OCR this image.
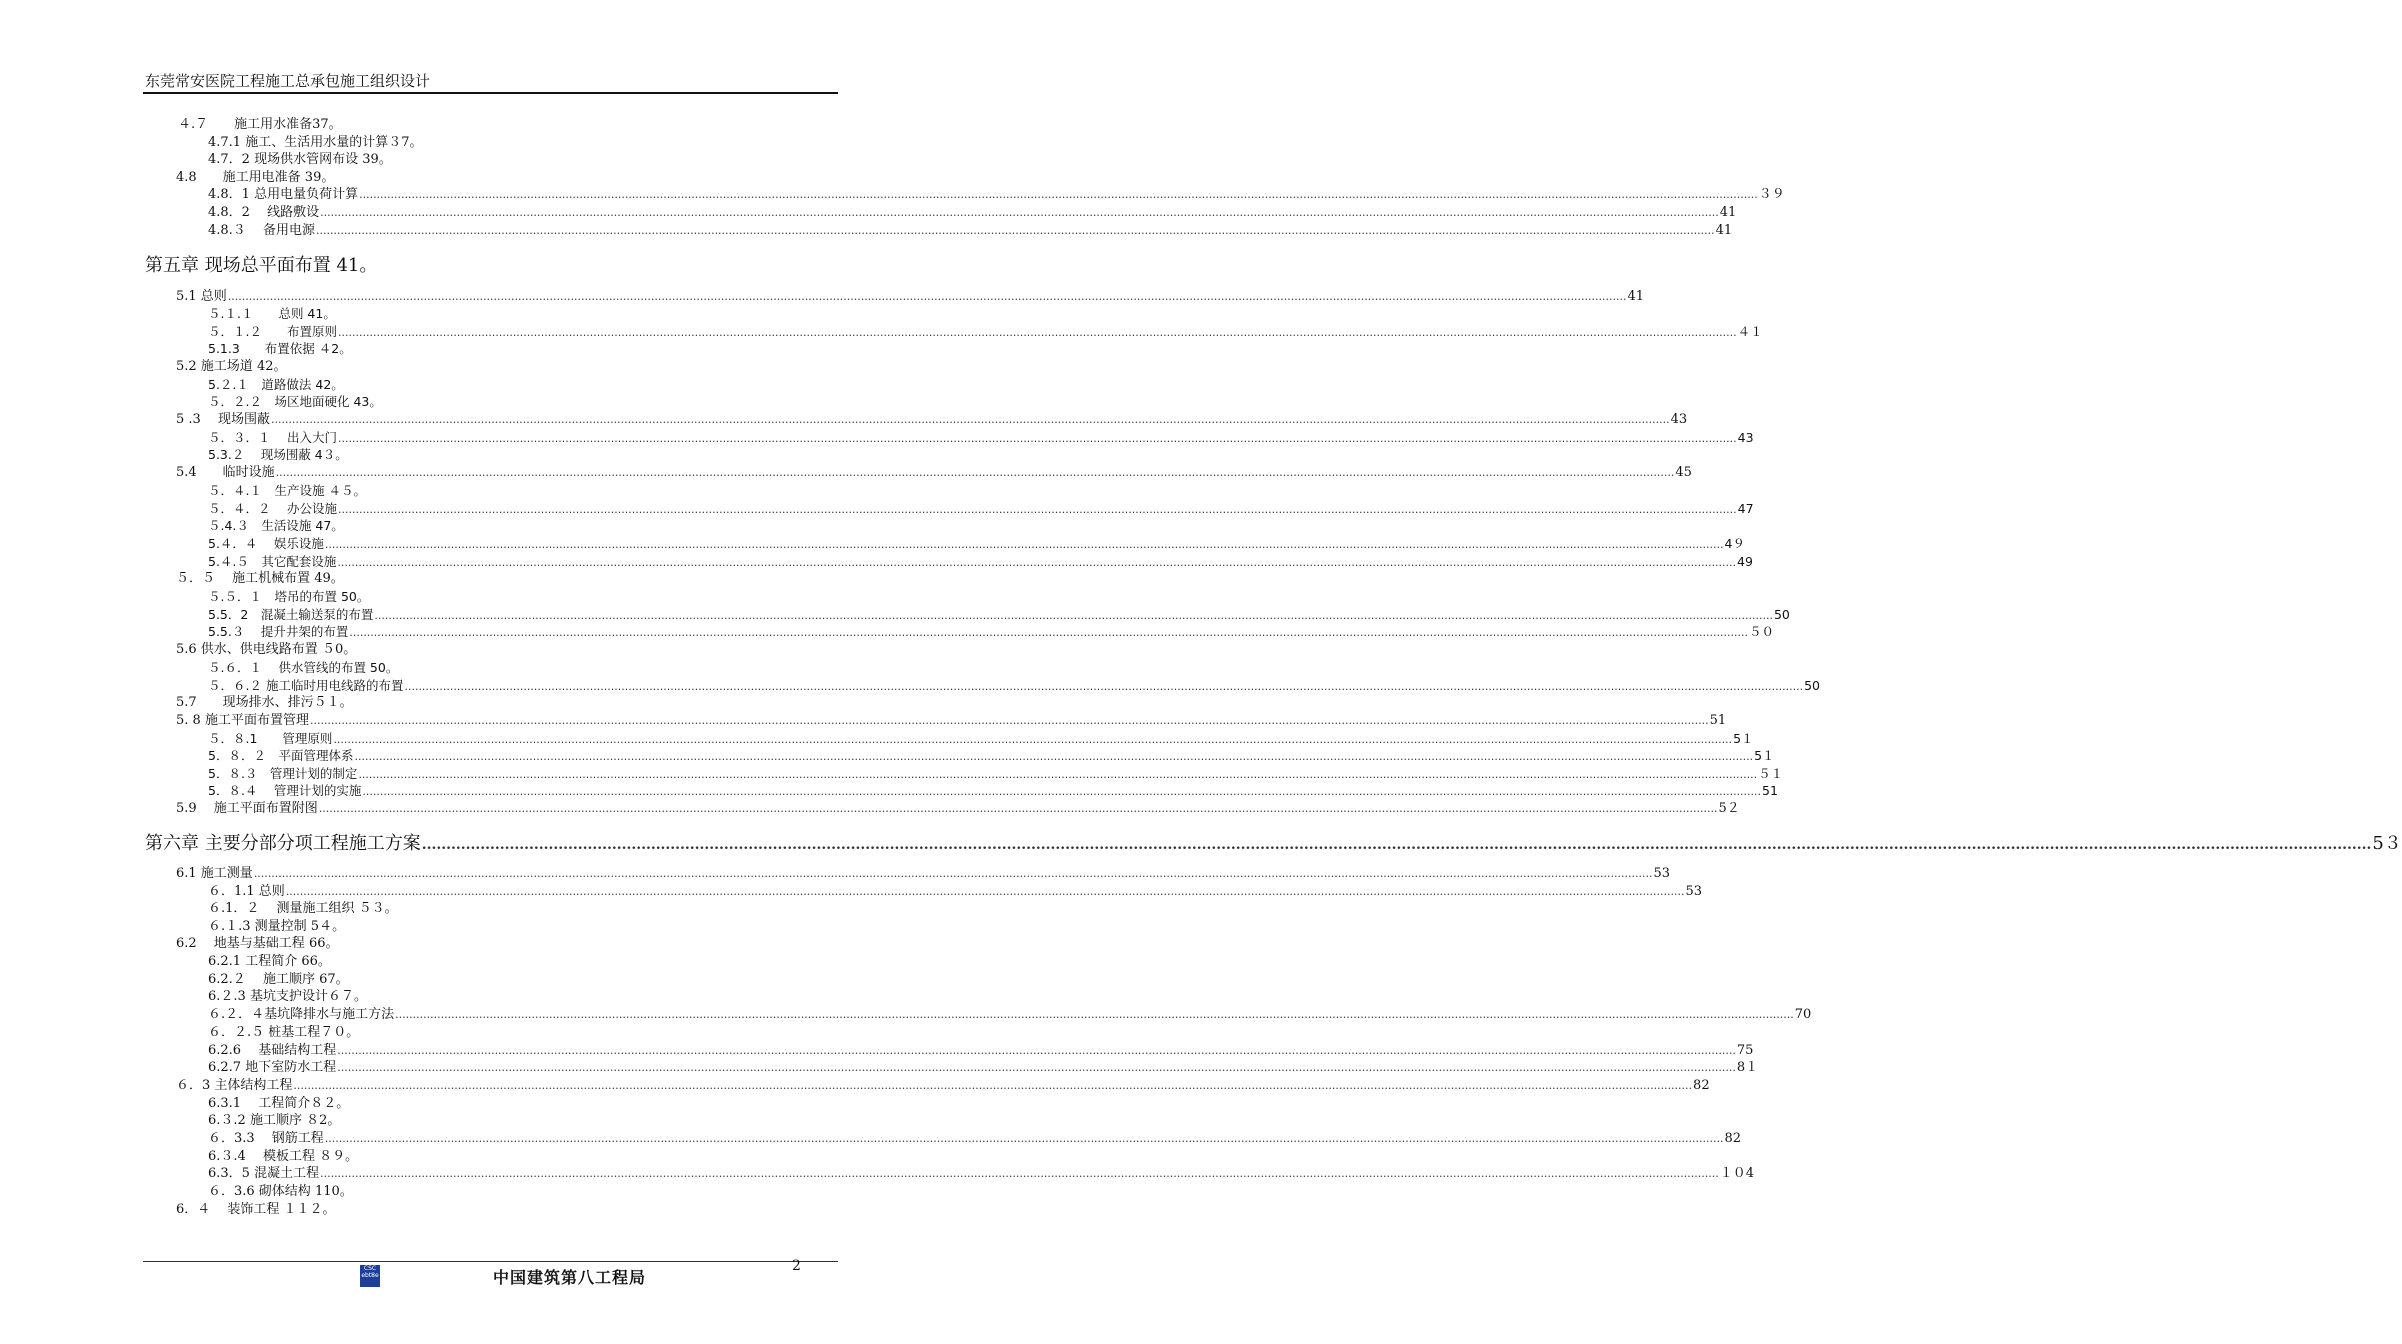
东莞常安医院工程施工总承包施工组织设计
４.７　　施工用水准备37。
4.7.1 施工、生活用水量的计算３7。
4.7．2 现场供水管网布设 39。
4.8　　施工用电准备 39。
4.8．1 总用电量负荷计算 ................................................................................................................................................................................................................................................................................................................................................................................................................ ３９
4.8．2　 线路敷设 ................................................................................................................................................................................................................................................................................................................................................................................................................ 41
4.8.３　 备用电源 ................................................................................................................................................................................................................................................................................................................................................................................................................ 41
第五章 现场总平面布置 41。
5.1 总则 ................................................................................................................................................................................................................................................................................................................................................................................................................ 41
５.１.１　　总则 41。
５．１.２　　布置原则 ................................................................................................................................................................................................................................................................................................................................................................................................................ ４１
5.1.3　　布置依据 ４2。
5.2 施工场道 42。
5.２.１　道路做法 42。
５．２.２　场区地面硬化 43。
5 .3　 现场围蔽 ................................................................................................................................................................................................................................................................................................................................................................................................................ 43
５．３．１　 出入大门 ................................................................................................................................................................................................................................................................................................................................................................................................................ 43
5.3.２　 现场围蔽 4３。
5.4　　临时设施 ................................................................................................................................................................................................................................................................................................................................................................................................................ 45
５．４.１　生产设施 ４５。
５．４．２　 办公设施 ................................................................................................................................................................................................................................................................................................................................................................................................................ 47
５.4.３　生活设施 47。
5.４．４　 娱乐设施 ................................................................................................................................................................................................................................................................................................................................................................................................................ 4９
5.４.５　其它配套设施 ................................................................................................................................................................................................................................................................................................................................................................................................................ 49
５．５　 施工机械布置 49。
５.５．１　塔吊的布置 50。
5.5．2　混凝土输送泵的布置 ................................................................................................................................................................................................................................................................................................................................................................................................................ 50
5.5.３　 提升井架的布置 ................................................................................................................................................................................................................................................................................................................................................................................................................ ５０
5.6 供水、供电线路布置 ５0。
５.６．１　 供水管线的布置 50。
５．６.２ 施工临时用电线路的布置 ................................................................................................................................................................................................................................................................................................................................................................................................................ 50
5.7　　现场排水、排污５１。
5. 8 施工平面布置管理 ................................................................................................................................................................................................................................................................................................................................................................................................................ 51
５．８.1　　管理原则 ................................................................................................................................................................................................................................................................................................................................................................................................................ 5１
5．８．２　平面管理体系 ................................................................................................................................................................................................................................................................................................................................................................................................................ 5１
5．８.３　管理计划的制定 ................................................................................................................................................................................................................................................................................................................................................................................................................ ５１
5．８.４　 管理计划的实施 ................................................................................................................................................................................................................................................................................................................................................................................................................ 51
5.9　 施工平面布置附图 ................................................................................................................................................................................................................................................................................................................................................................................................................ 5２
第六章 主要分部分项工程施工方案 ................................................................................................................................................................................................................................................................................................................................................................................................................ 5３
6.1 施工测量 ................................................................................................................................................................................................................................................................................................................................................................................................................ 53
６．1.1 总则 ................................................................................................................................................................................................................................................................................................................................................................................................................ 53
６.1．２　 测量施工组织 ５３。
６.１.3 测量控制 5４。
6.2　 地基与基础工程 66。
6.2.1 工程简介 66。
6.2.２　 施工顺序 67。
6.２.3 基坑支护设计６７。
６.２．４基坑降排水与施工方法 ................................................................................................................................................................................................................................................................................................................................................................................................................ 70
６．２.５ 桩基工程７０。
6.2.6　 基础结构工程 ................................................................................................................................................................................................................................................................................................................................................................................................................ 75
6.2.7 地下室防水工程 ................................................................................................................................................................................................................................................................................................................................................................................................................ 8１
６．3 主体结构工程 ................................................................................................................................................................................................................................................................................................................................................................................................................ 82
6.3.1　 工程简介８２。
6.３.2 施工顺序 ８2。
６．3.3　 钢筋工程 ................................................................................................................................................................................................................................................................................................................................................................................................................ 82
6.３.4　 模板工程 ８９。
6.3．5 混凝土工程 ................................................................................................................................................................................................................................................................................................................................................................................................................ １０4
６．3.6 砌体结构 110。
6．４　 装饰工程 １１２。
CSC
ebt8e	中国建筑第八工程局
2
